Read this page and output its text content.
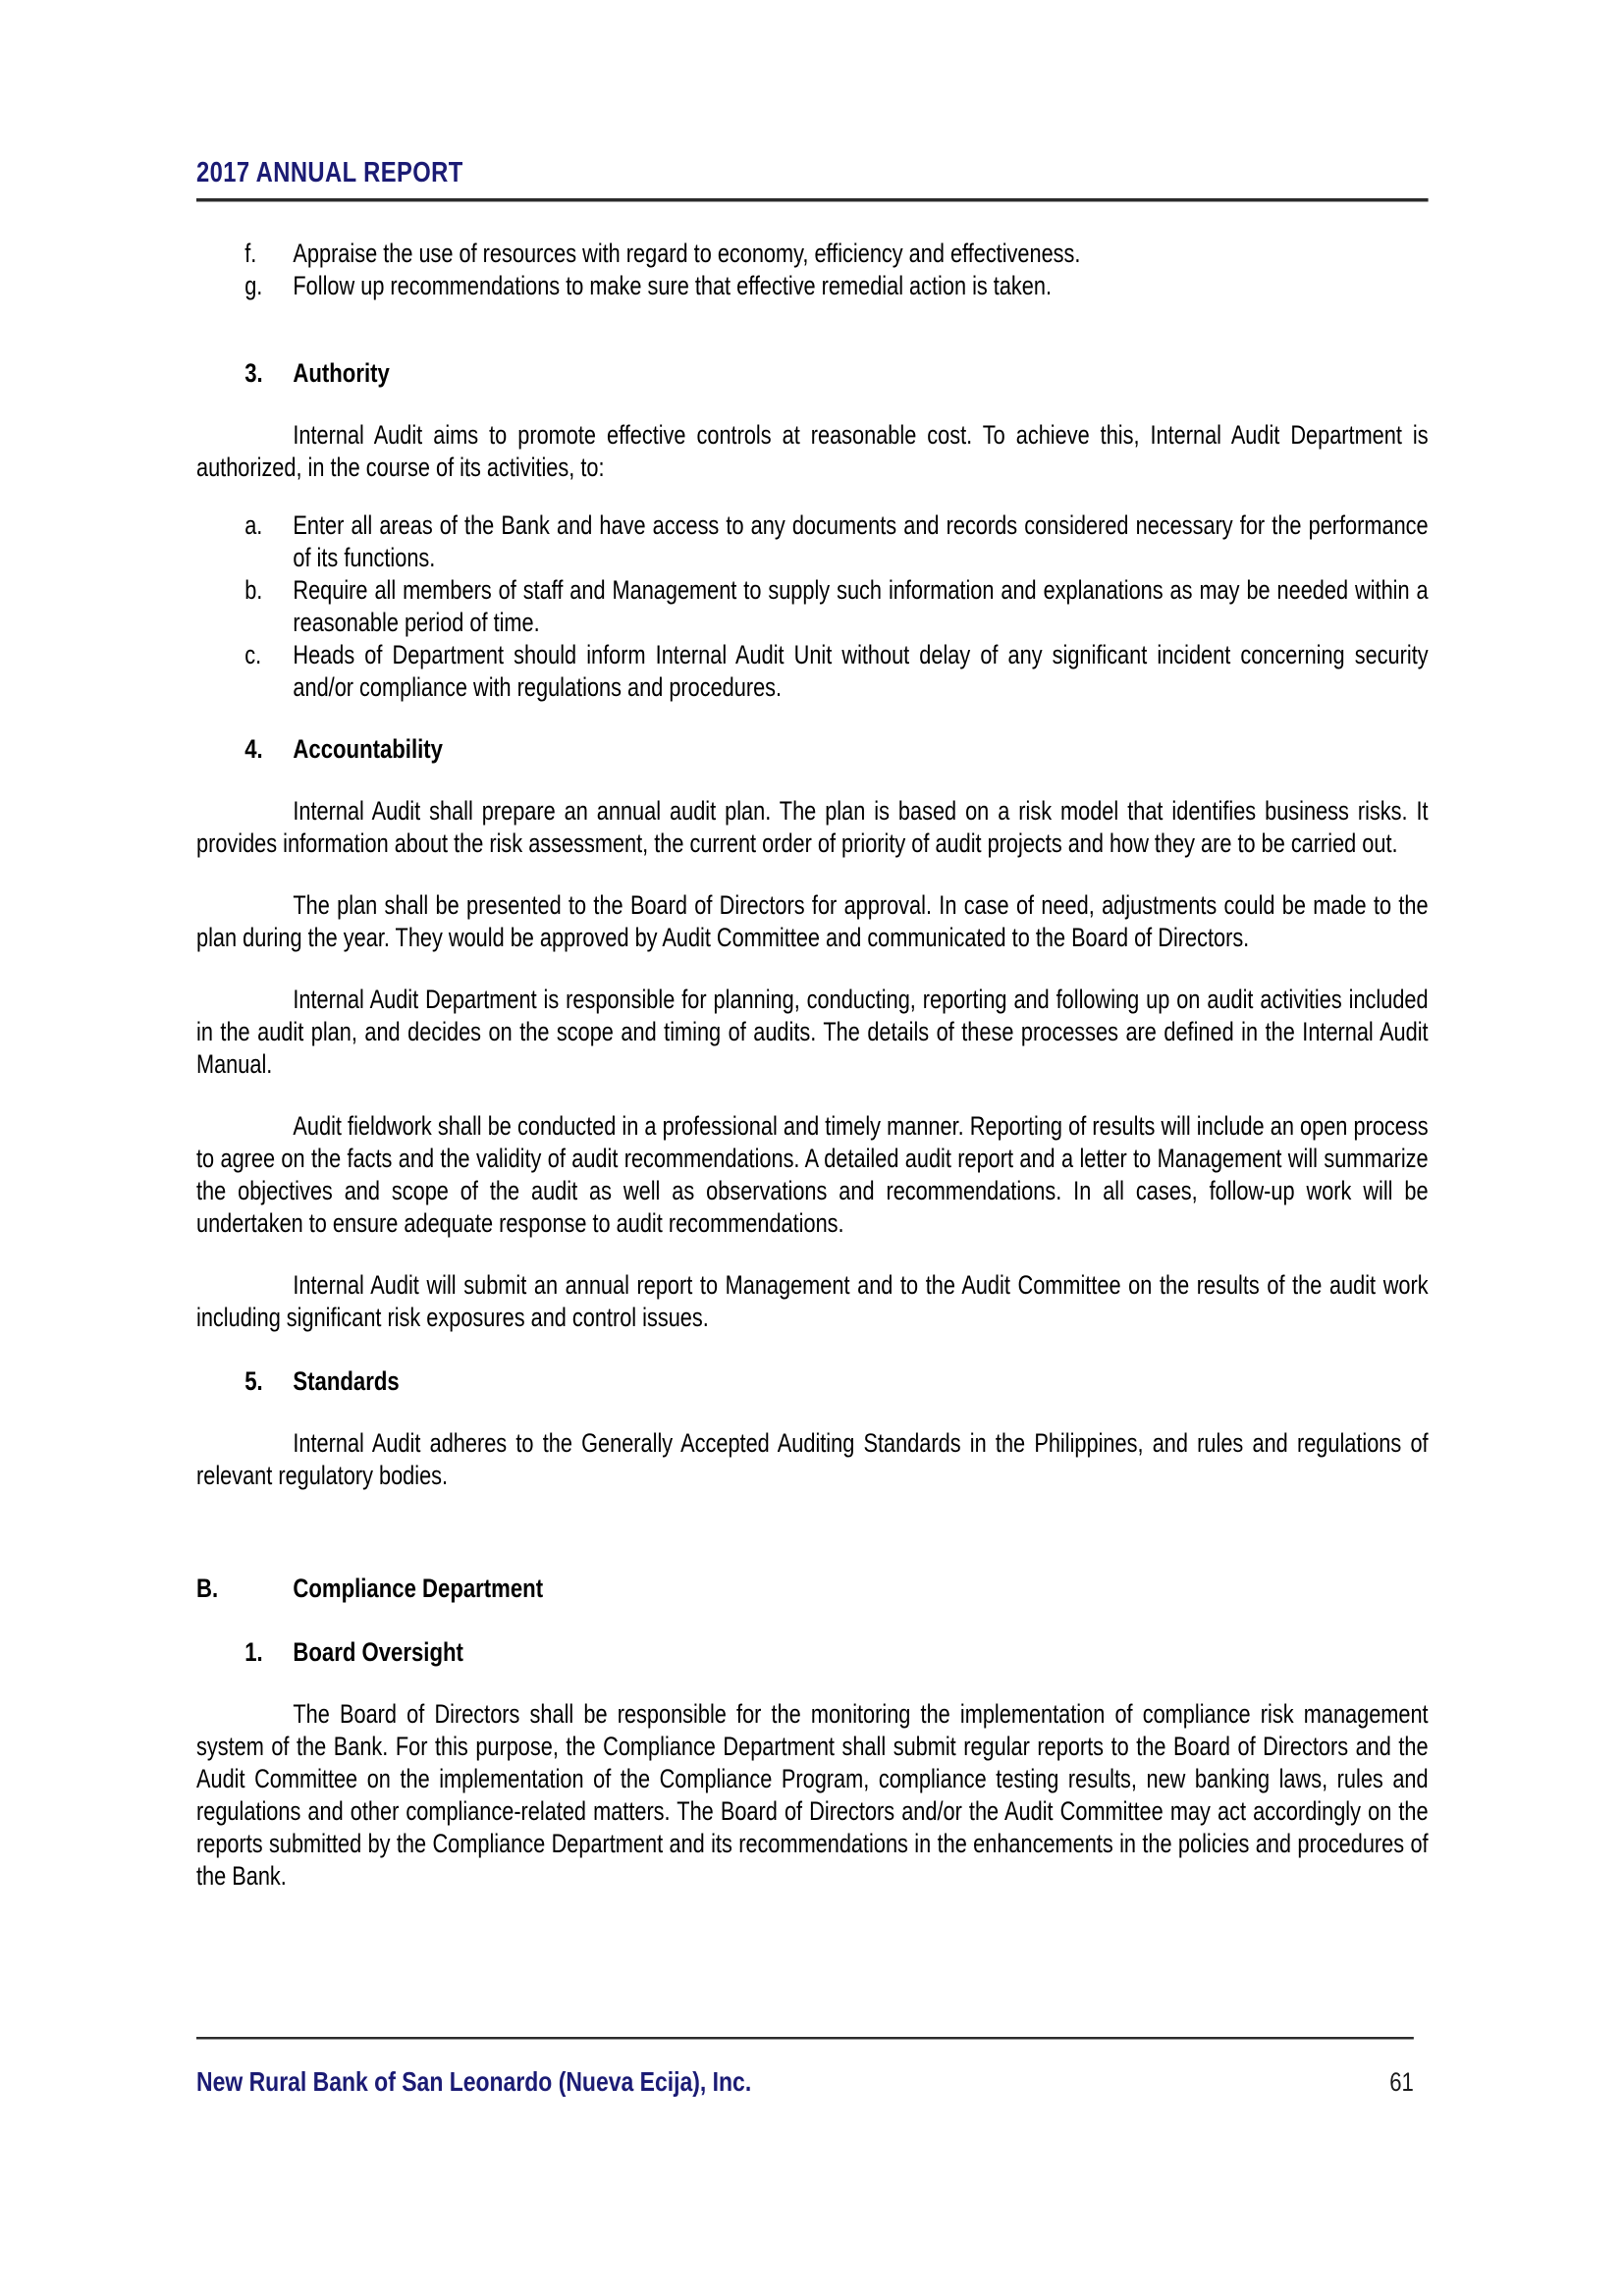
2017 ANNUAL REPORT
f. Appraise the use of resources with regard to economy, efficiency and effectiveness.
g. Follow up recommendations to make sure that effective remedial action is taken.
3. Authority

Internal Audit aims to promote effective controls at reasonable cost. To achieve this, Internal Audit Department is authorized, in the course of its activities, to:

a. Enter all areas of the Bank and have access to any documents and records considered necessary for the performance of its functions.
b. Require all members of staff and Management to supply such information and explanations as may be needed within a reasonable period of time.
c. Heads of Department should inform Internal Audit Unit without delay of any significant incident concerning security and/or compliance with regulations and procedures.
4. Accountability

Internal Audit shall prepare an annual audit plan. The plan is based on a risk model that identifies business risks. It provides information about the risk assessment, the current order of priority of audit projects and how they are to be carried out.

The plan shall be presented to the Board of Directors for approval. In case of need, adjustments could be made to the plan during the year. They would be approved by Audit Committee and communicated to the Board of Directors.

Internal Audit Department is responsible for planning, conducting, reporting and following up on audit activities included in the audit plan, and decides on the scope and timing of audits. The details of these processes are defined in the Internal Audit Manual.

Audit fieldwork shall be conducted in a professional and timely manner. Reporting of results will include an open process to agree on the facts and the validity of audit recommendations. A detailed audit report and a letter to Management will summarize the objectives and scope of the audit as well as observations and recommendations. In all cases, follow-up work will be undertaken to ensure adequate response to audit recommendations.

Internal Audit will submit an annual report to Management and to the Audit Committee on the results of the audit work including significant risk exposures and control issues.

5. Standards

Internal Audit adheres to the Generally Accepted Auditing Standards in the Philippines, and rules and regulations of relevant regulatory bodies.

B.	Compliance Department
1. Board Oversight

The Board of Directors shall be responsible for the monitoring the implementation of compliance risk management system of the Bank. For this purpose, the Compliance Department shall submit regular reports to the Board of Directors and the Audit Committee on the implementation of the Compliance Program, compliance testing results, new banking laws, rules and regulations and other compliance-related matters. The Board of Directors and/or the Audit Committee may act accordingly on the reports submitted by the Compliance Department and its recommendations in the enhancements in the policies and procedures of the Bank.

New Rural Bank of San Leonardo (Nueva Ecija), Inc.	61
